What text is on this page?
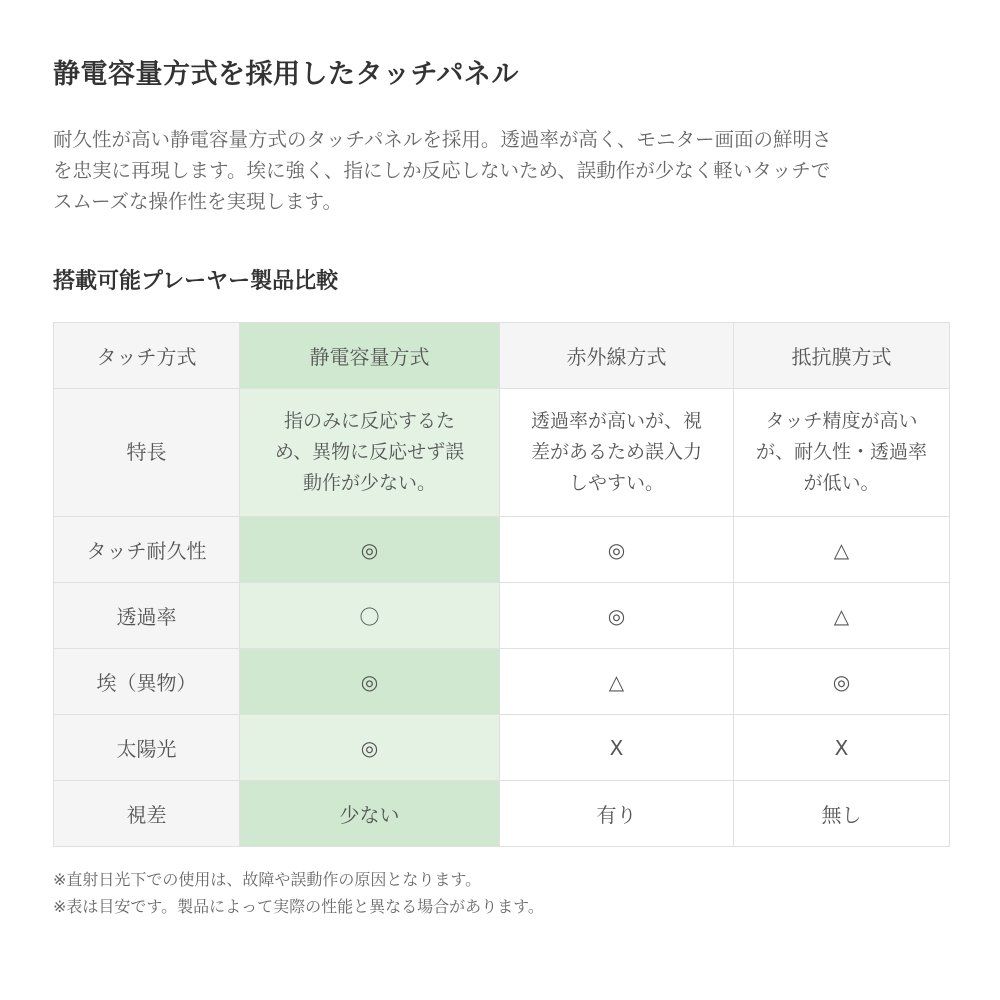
静電容量方式を採用したタッチパネル

耐久性が高い静電容量方式のタッチパネルを採用。透過率が高く、モニター画面の鮮明さ
を忠実に再現します。埃に強く、指にしか反応しないため、誤動作が少なく軽いタッチで
スムーズな操作性を実現します。

搭載可能プレーヤー製品比較
タッチ方式	静電容量方式	赤外線方式	抵抗膜方式
特長	指のみに反応するた
め、異物に反応せず誤
動作が少ない。	透過率が高いが、視
差があるため誤入力
しやすい。	タッチ精度が高い
が、耐久性・透過率
が低い。

タッチ耐久性	◎	◎	△
透過率	〇	◎	△
埃（異物）	◎	△	◎
太陽光	◎	X	X
視差	少ない	有り	無し

※直射日光下での使用は、故障や誤動作の原因となります。
※表は目安です。製品によって実際の性能と異なる場合があります。
